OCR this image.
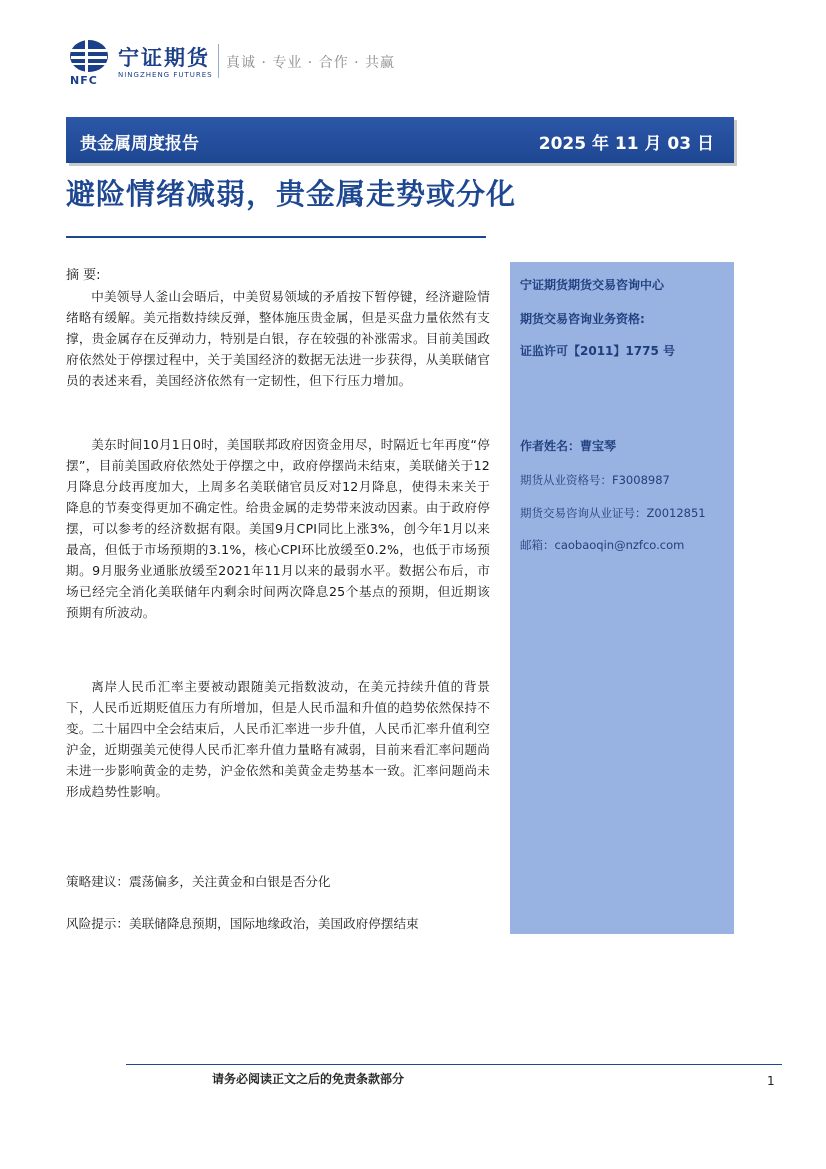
NFC
宁证期货
NINGZHENG FUTURES
真诚 · 专业 · 合作 · 共赢
贵金属周度报告	2025 年 11 月 03 日
避险情绪减弱，贵金属走势或分化

摘 要:

中美领导人釜山会晤后，中美贸易领域的矛盾按下暂停键，经济避险情绪略有缓解。美元指数持续反弹，整体施压贵金属，但是买盘力量依然有支撑，贵金属存在反弹动力，特别是白银，存在较强的补涨需求。目前美国政府依然处于停摆过程中，关于美国经济的数据无法进一步获得，从美联储官员的表述来看，美国经济依然有一定韧性，但下行压力增加。

美东时间10月1日0时，美国联邦政府因资金用尽，时隔近七年再度“停摆”，目前美国政府依然处于停摆之中，政府停摆尚未结束，美联储关于12月降息分歧再度加大，上周多名美联储官员反对12月降息，使得未来关于降息的节奏变得更加不确定性。给贵金属的走势带来波动因素。由于政府停摆，可以参考的经济数据有限。美国9月CPI同比上涨3%，创今年1月以来最高，但低于市场预期的3.1%，核心CPI环比放缓至0.2%，也低于市场预期。9月服务业通胀放缓至2021年11月以来的最弱水平。数据公布后，市场已经完全消化美联储年内剩余时间两次降息25个基点的预期，但近期该预期有所波动。

离岸人民币汇率主要被动跟随美元指数波动，在美元持续升值的背景下，人民币近期贬值压力有所增加，但是人民币温和升值的趋势依然保持不变。二十届四中全会结束后，人民币汇率进一步升值，人民币汇率升值利空沪金，近期强美元使得人民币汇率升值力量略有减弱，目前来看汇率问题尚未进一步影响黄金的走势，沪金依然和美黄金走势基本一致。汇率问题尚未形成趋势性影响。

策略建议：震荡偏多，关注黄金和白银是否分化
风险提示：美联储降息预期，国际地缘政治，美国政府停摆结束
宁证期货期货交易咨询中心
期货交易咨询业务资格:
证监许可【2011】1775 号
作者姓名：曹宝琴
期货从业资格号：F3008987
期货交易咨询从业证号：Z0012851
邮箱：caobaoqin@nzfco.com
请务必阅读正文之后的免责条款部分	1
